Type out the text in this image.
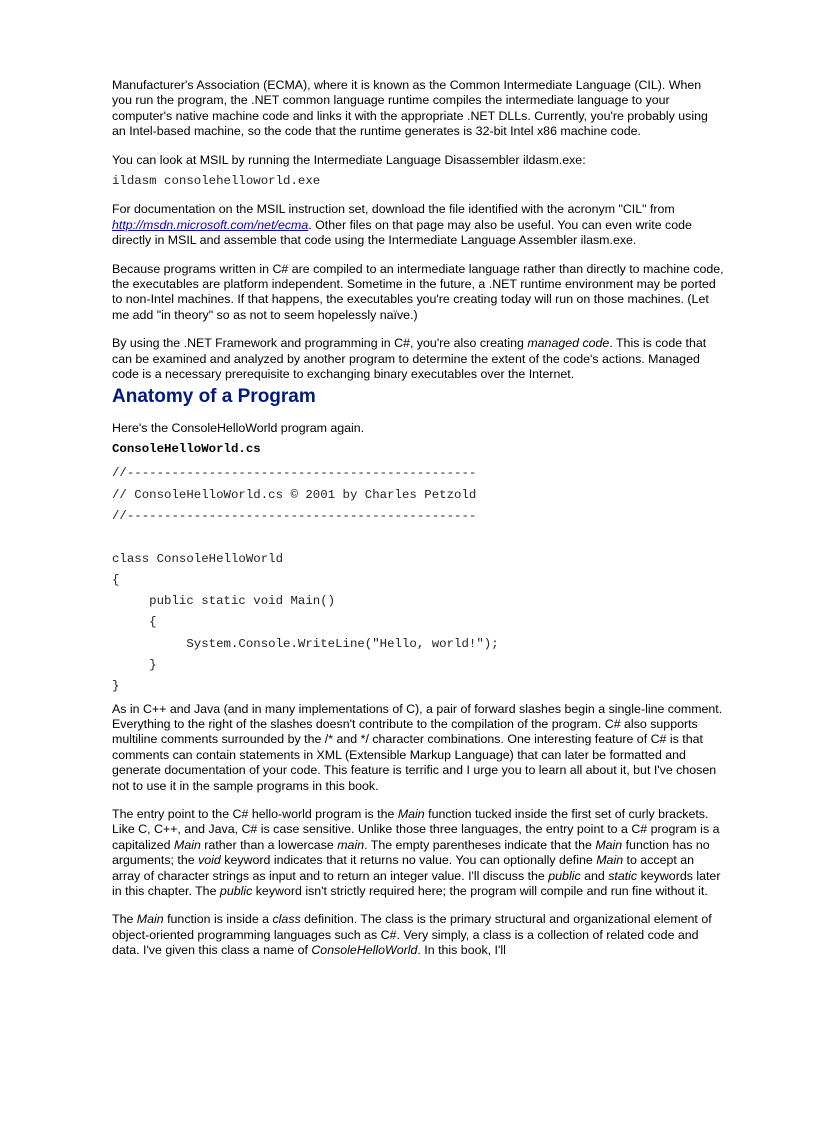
Manufacturer's Association (ECMA), where it is known as the Common Intermediate Language (CIL). When you run the program, the .NET common language runtime compiles the intermediate language to your computer's native machine code and links it with the appropriate .NET DLLs. Currently, you're probably using an Intel-based machine, so the code that the runtime generates is 32-bit Intel x86 machine code.

You can look at MSIL by running the Intermediate Language Disassembler ildasm.exe:

ildasm consolehelloworld.exe

For documentation on the MSIL instruction set, download the file identified with the acronym "CIL" from http://msdn.microsoft.com/net/ecma. Other files on that page may also be useful. You can even write code directly in MSIL and assemble that code using the Intermediate Language Assembler ilasm.exe.

Because programs written in C# are compiled to an intermediate language rather than directly to machine code, the executables are platform independent. Sometime in the future, a .NET runtime environment may be ported to non-Intel machines. If that happens, the executables you're creating today will run on those machines. (Let me add "in theory" so as not to seem hopelessly naïve.)

By using the .NET Framework and programming in C#, you're also creating managed code. This is code that can be examined and analyzed by another program to determine the extent of the code's actions. Managed code is a necessary prerequisite to exchanging binary executables over the Internet.

Anatomy of a Program

Here's the ConsoleHelloWorld program again.

ConsoleHelloWorld.cs
//-----------------------------------------------
// ConsoleHelloWorld.cs © 2001 by Charles Petzold
//-----------------------------------------------

class ConsoleHelloWorld
{
public static void Main()
{
System.Console.WriteLine("Hello, world!");
}
}

As in C++ and Java (and in many implementations of C), a pair of forward slashes begin a single-line comment. Everything to the right of the slashes doesn't contribute to the compilation of the program. C# also supports multiline comments surrounded by the /* and */ character combinations. One interesting feature of C# is that comments can contain statements in XML (Extensible Markup Language) that can later be formatted and generate documentation of your code. This feature is terrific and I urge you to learn all about it, but I've chosen not to use it in the sample programs in this book.

The entry point to the C# hello-world program is the Main function tucked inside the first set of curly brackets. Like C, C++, and Java, C# is case sensitive. Unlike those three languages, the entry point to a C# program is a capitalized Main rather than a lowercase main. The empty parentheses indicate that the Main function has no arguments; the void keyword indicates that it returns no value. You can optionally define Main to accept an array of character strings as input and to return an integer value. I'll discuss the public and static keywords later in this chapter. The public keyword isn't strictly required here; the program will compile and run fine without it.

The Main function is inside a class definition. The class is the primary structural and organizational element of object-oriented programming languages such as C#. Very simply, a class is a collection of related code and data. I've given this class a name of ConsoleHelloWorld. In this book, I'll
